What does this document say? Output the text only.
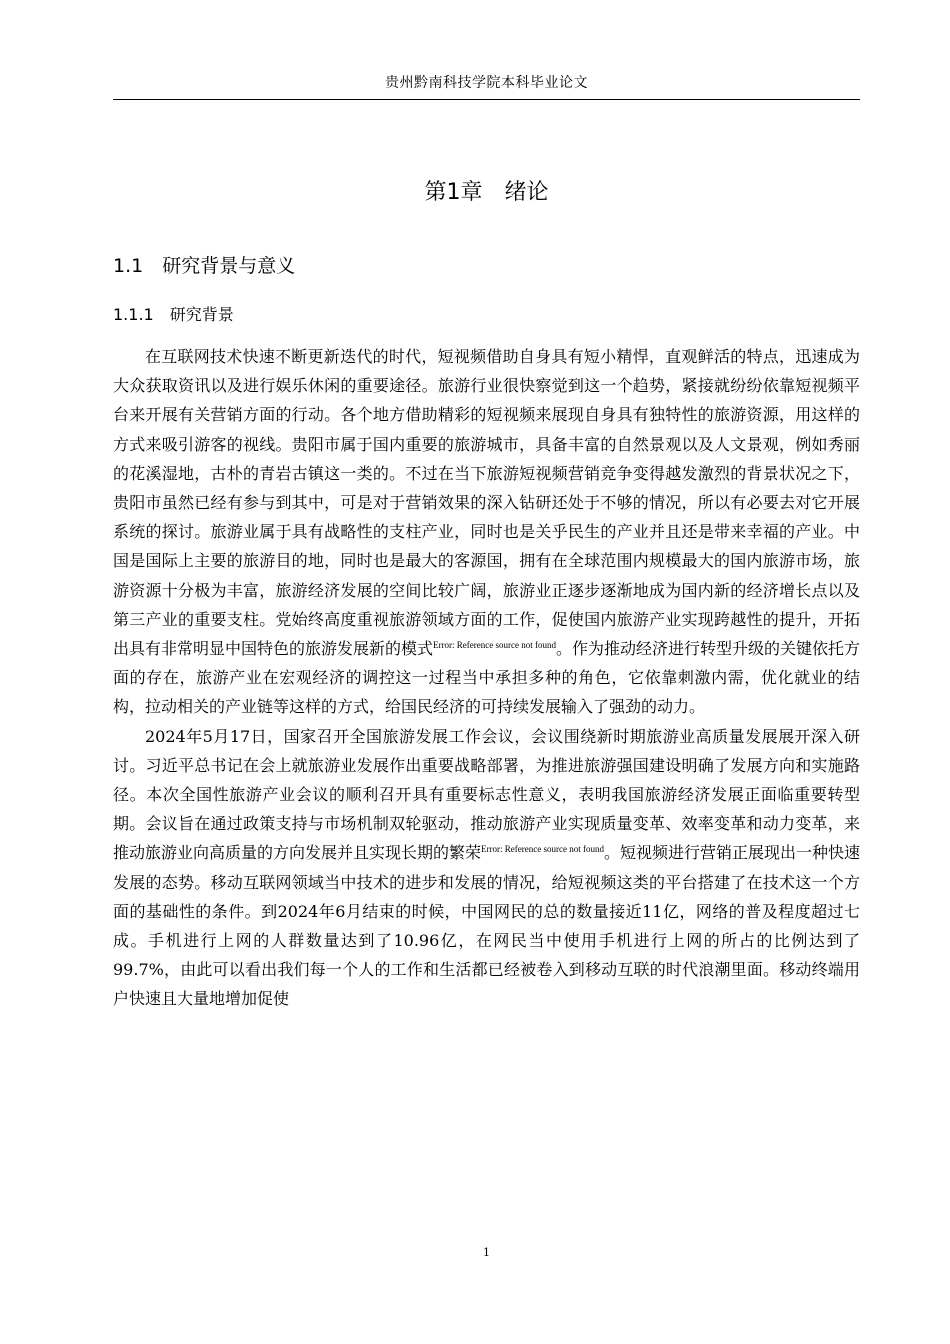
贵州黔南科技学院本科毕业论文
第1章　绪论
1.1　研究背景与意义
1.1.1　研究背景

在互联网技术快速不断更新迭代的时代，短视频借助自身具有短小精悍，直观鲜活的特点，迅速成为大众获取资讯以及进行娱乐休闲的重要途径。旅游行业很快察觉到这一个趋势，紧接就纷纷依靠短视频平台来开展有关营销方面的行动。各个地方借助精彩的短视频来展现自身具有独特性的旅游资源，用这样的方式来吸引游客的视线。贵阳市属于国内重要的旅游城市，具备丰富的自然景观以及人文景观，例如秀丽的花溪湿地，古朴的青岩古镇这一类的。不过在当下旅游短视频营销竞争变得越发激烈的背景状况之下，贵阳市虽然已经有参与到其中，可是对于营销效果的深入钻研还处于不够的情况，所以有必要去对它开展系统的探讨。旅游业属于具有战略性的支柱产业，同时也是关乎民生的产业并且还是带来幸福的产业。中国是国际上主要的旅游目的地，同时也是最大的客源国，拥有在全球范围内规模最大的国内旅游市场，旅游资源十分极为丰富，旅游经济发展的空间比较广阔，旅游业正逐步逐渐地成为国内新的经济增长点以及第三产业的重要支柱。党始终高度重视旅游领域方面的工作，促使国内旅游产业实现跨越性的提升，开拓出具有非常明显中国特色的旅游发展新的模式$^{Error: Reference source not found}$。作为推动经济进行转型升级的关键依托方面的存在，旅游产业在宏观经济的调控这一过程当中承担多种的角色，它依靠刺激内需，优化就业的结构，拉动相关的产业链等这样的方式，给国民经济的可持续发展输入了强劲的动力。

2024年5月17日，国家召开全国旅游发展工作会议，会议围绕新时期旅游业高质量发展展开深入研讨。习近平总书记在会上就旅游业发展作出重要战略部署，为推进旅游强国建设明确了发展方向和实施路径。本次全国性旅游产业会议的顺利召开具有重要标志性意义，表明我国旅游经济发展正面临重要转型期。会议旨在通过政策支持与市场机制双轮驱动，推动旅游产业实现质量变革、效率变革和动力变革，来推动旅游业向高质量的方向发展并且实现长期的繁荣$^{Error: Reference source not found}$。短视频进行营销正展现出一种快速发展的态势。移动互联网领域当中技术的进步和发展的情况，给短视频这类的平台搭建了在技术这一个方面的基础性的条件。到2024年6月结束的时候，中国网民的总的数量接近11亿，网络的普及程度超过七成。手机进行上网的人群数量达到了10.96亿，在网民当中使用手机进行上网的所占的比例达到了99.7%，由此可以看出我们每一个人的工作和生活都已经被卷入到移动互联的时代浪潮里面。移动终端用户快速且大量地增加促使

1
